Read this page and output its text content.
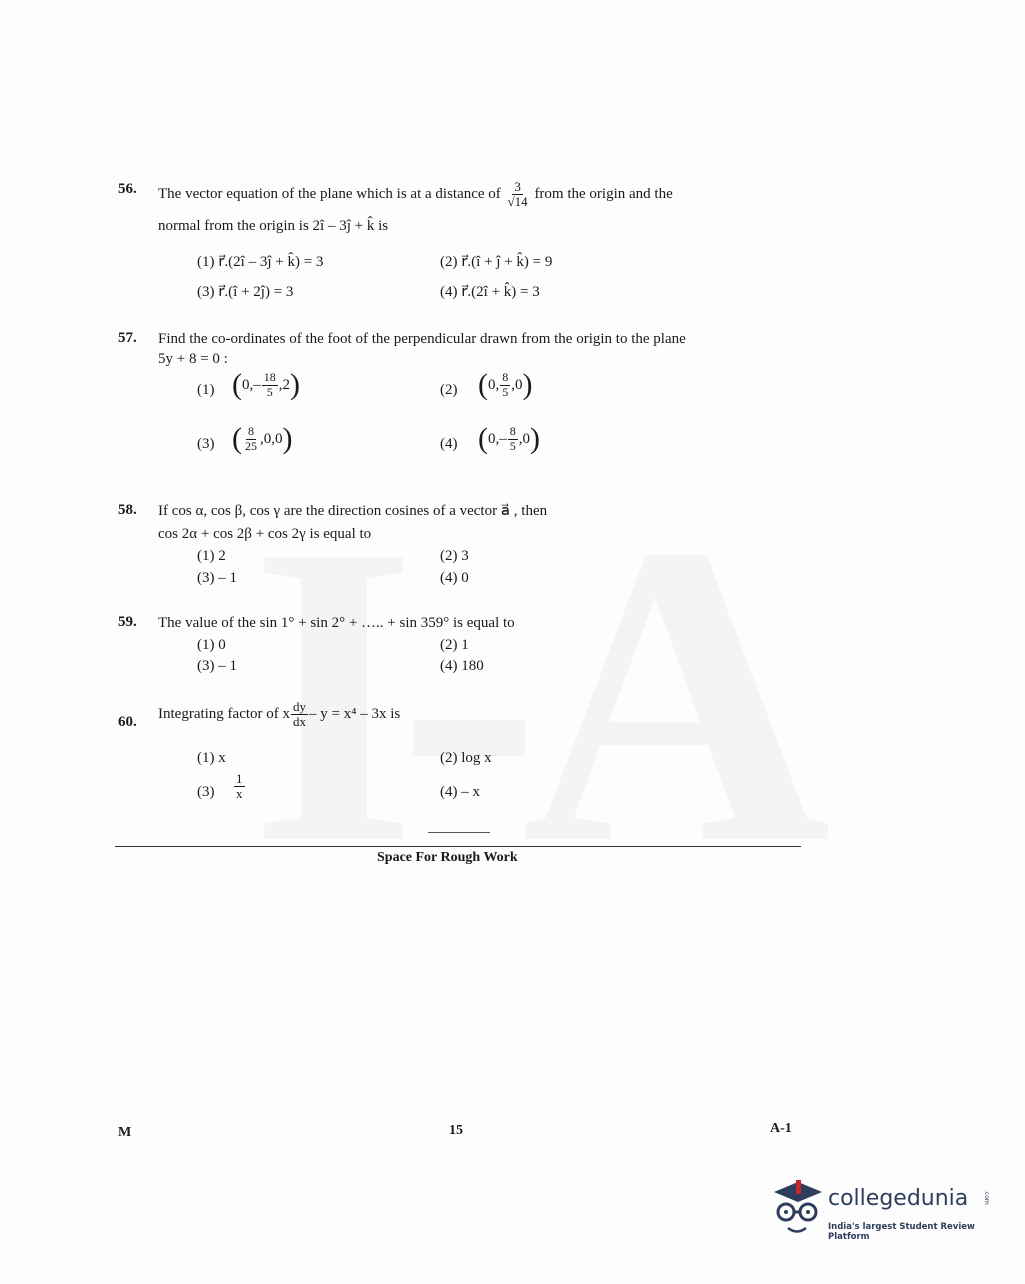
56. The vector equation of the plane which is at a distance of $\frac{3}{√14}$ from the origin and the
normal from the origin is 2î – 3ĵ + k̂ is
(1) r⃗.(2î – 3ĵ + k̂) = 3	(2) r⃗.(î + ĵ + k̂) = 9
(3) r⃗.(î + 2ĵ) = 3	(4) r⃗.(2î + k̂) = 3
57. Find the co-ordinates of the foot of the perpendicular drawn from the origin to the plane
5y + 8 = 0 :
(1) ( $0,- \frac{18}{5} ,2$ )	(2) ( 0, $\frac{8}{5} ,0$ )
(3) ( $\frac{8}{25} ,0,0$ )	(4) ( $0,- \frac{8}{5} ,0$ )
58. If cos α, cos β, cos γ are the direction cosines of a vector a⃗ , then
cos 2α + cos 2β + cos 2γ is equal to
(1) 2	(2) 3
(3) – 1	(4) 0
59. The value of the sin 1° + sin 2° + ….. + sin 359° is equal to
(1) 0	(2) 1
(3) – 1	(4) 180
60.
Integrating factor of x $\frac{dy}{dx} - y = x^4 - 3x$ is
(1) x	(2) log x
$(3) \frac{1}{x}$	(4) – x
Space For Rough Work
M	15	A-1
collegedunia .com
India's largest Student Review Platform
